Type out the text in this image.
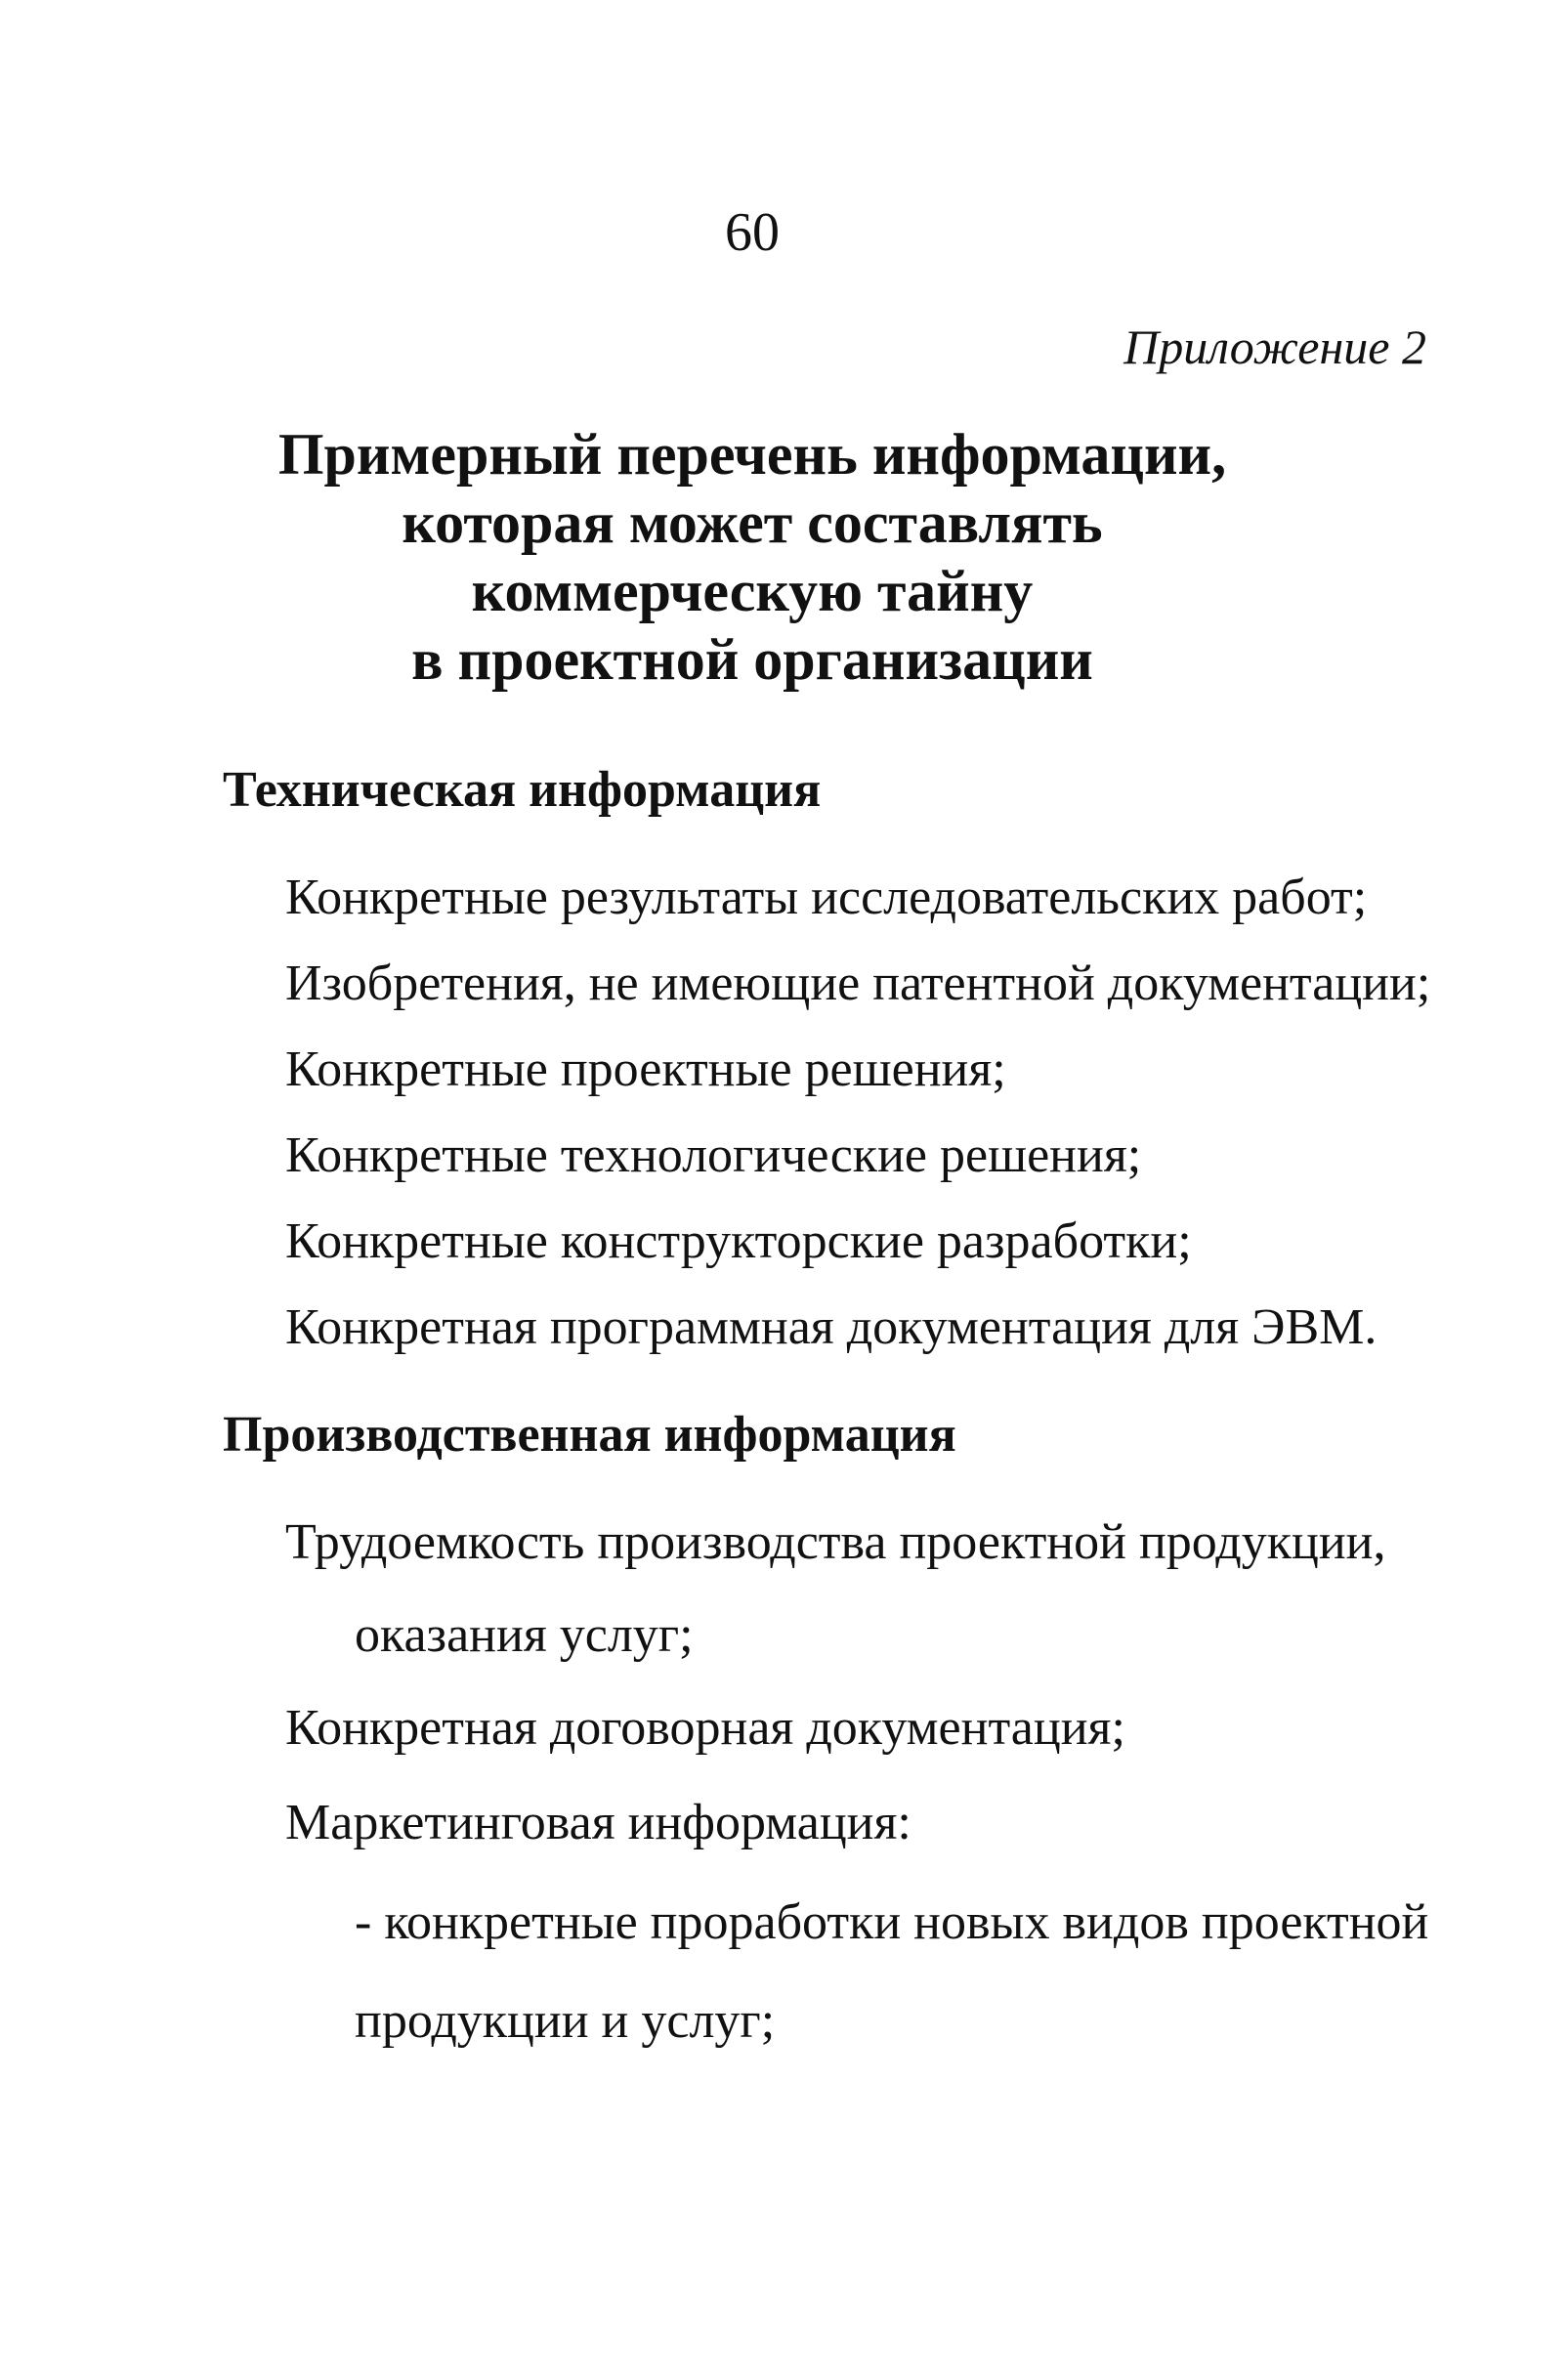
60
Приложение 2
Примерный перечень информации,
которая может составлять
коммерческую тайну
в проектной организации
Техническая информация

Конкретные результаты исследовательских работ;

Изобретения, не имеющие патентной документации;

Конкретные проектные решения;

Конкретные технологические решения;

Конкретные конструкторские разработки;

Конкретная программная документация для ЭВМ.

Производственная информация

Трудоемкость производства проектной продукции,

оказания услуг;

Конкретная договорная документация;

Маркетинговая информация:

- конкретные проработки новых видов проектной

продукции и услуг;
